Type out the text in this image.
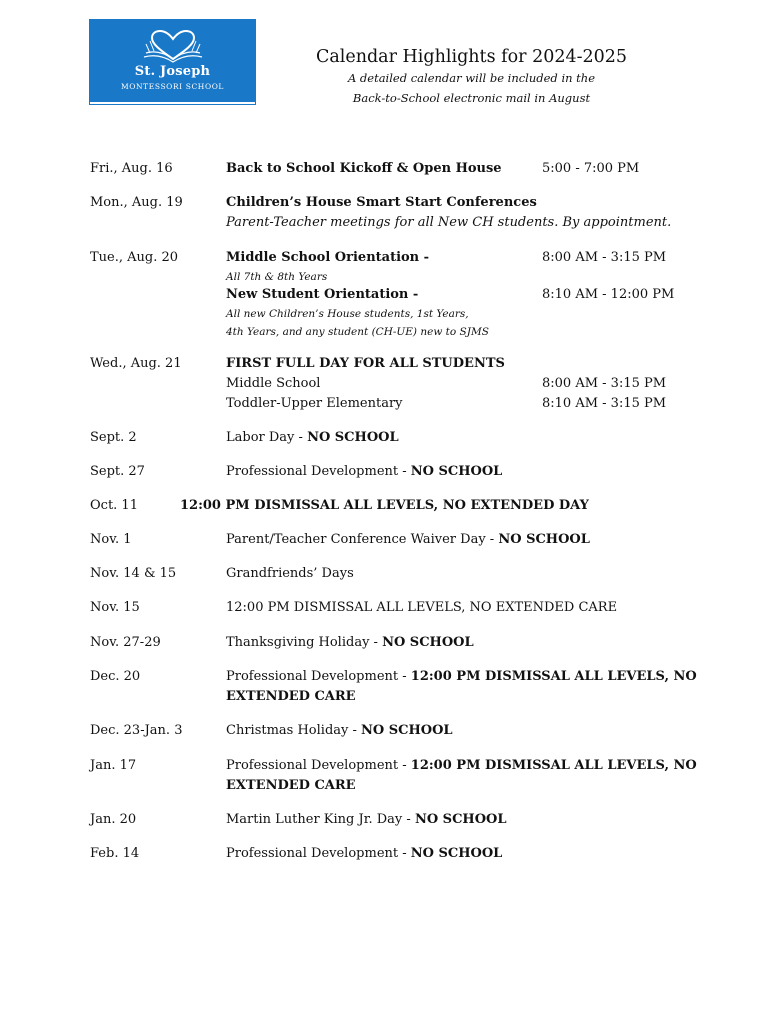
St. Joseph
MONTESSORI SCHOOL
Calendar Highlights for 2024-2025
A detailed calendar will be included in the
Back-to-School electronic mail in August
Fri., Aug. 16	Back to School Kickoff & Open House	5:00 - 7:00 PM
Mon., Aug. 19	Children’s House Smart Start Conferences
Parent-Teacher meetings for all New CH students. By appointment.
Tue., Aug. 20	Middle School Orientation -	8:00 AM - 3:15 PM
All 7th & 8th Years
New Student Orientation -	8:10 AM - 12:00 PM
All new Children’s House students, 1st Years,
4th Years, and any student (CH-UE) new to SJMS
Wed., Aug. 21	FIRST FULL DAY FOR ALL STUDENTS
Middle School	8:00 AM - 3:15 PM
Toddler-Upper Elementary	8:10 AM - 3:15 PM
Sept. 2	Labor Day - NO SCHOOL
Sept. 27	Professional Development - NO SCHOOL
Oct. 11	12:00 PM DISMISSAL ALL LEVELS, NO EXTENDED DAY
Nov. 1	Parent/Teacher Conference Waiver Day - NO SCHOOL
Nov. 14 & 15	Grandfriends’ Days
Nov. 15	12:00 PM DISMISSAL ALL LEVELS, NO EXTENDED CARE
Nov. 27-29	Thanksgiving Holiday - NO SCHOOL
Dec. 20	Professional Development - 12:00 PM DISMISSAL ALL LEVELS, NO
EXTENDED CARE
Dec. 23-Jan. 3	Christmas Holiday - NO SCHOOL
Jan. 17	Professional Development - 12:00 PM DISMISSAL ALL LEVELS, NO
EXTENDED CARE
Jan. 20	Martin Luther King Jr. Day - NO SCHOOL
Feb. 14	Professional Development - NO SCHOOL
